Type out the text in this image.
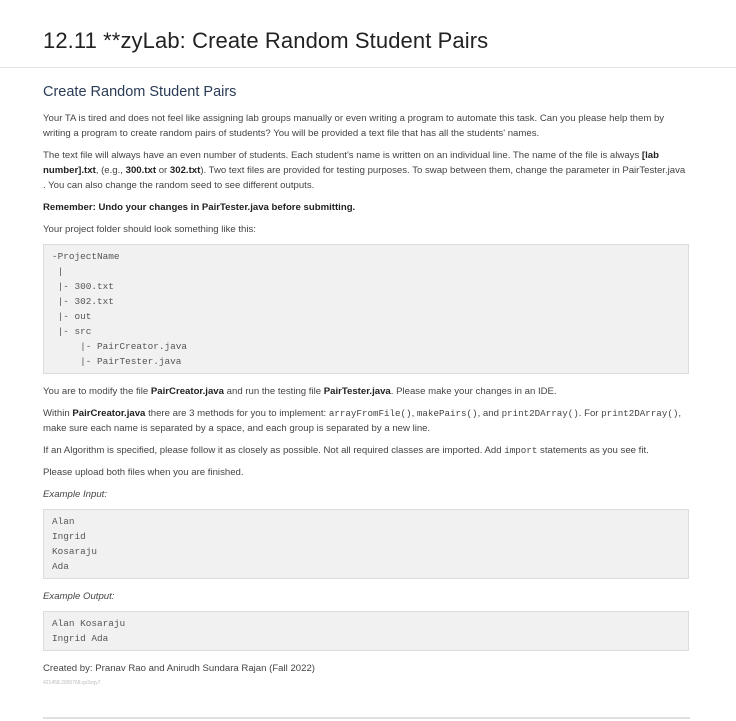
12.11 **zyLab: Create Random Student Pairs
Create Random Student Pairs

Your TA is tired and does not feel like assigning lab groups manually or even writing a program to automate this task. Can you please help them by writing a program to create random pairs of students? You will be provided a text file that has all the students' names.

The text file will always have an even number of students. Each student's name is written on an individual line. The name of the file is always [lab number].txt, (e.g., 300.txt or 302.txt). Two text files are provided for testing purposes. To swap between them, change the parameter in PairTester.java . You can also change the random seed to see different outputs.

Remember: Undo your changes in PairTester.java before submitting.

Your project folder should look something like this:

-ProjectName
|
|- 300.txt
|- 302.txt
|- out
|- src
|- PairCreator.java
|- PairTester.java

You are to modify the file PairCreator.java and run the testing file PairTester.java. Please make your changes in an IDE.

Within PairCreator.java there are 3 methods for you to implement: arrayFromFile(), makePairs(), and print2DArray(). For print2DArray(), make sure each name is separated by a space, and each group is separated by a new line.

If an Algorithm is specified, please follow it as closely as possible. Not all required classes are imported. Add import statements as you see fit.

Please upload both files when you are finished.

Example Input:

Alan
Ingrid
Kosaraju
Ada

Example Output:

Alan Kosaraju
Ingrid Ada

Created by: Pranav Rao and Anirudh Sundara Rajan (Fall 2022)

421458.2955768.qx3zqy7
